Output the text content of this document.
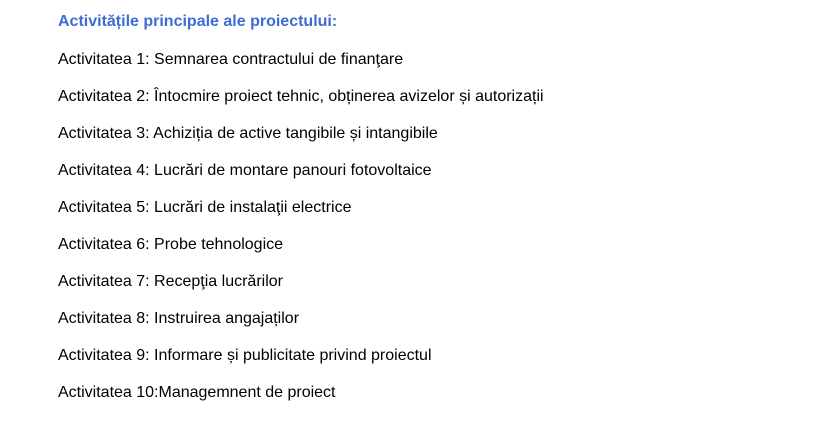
Activitățile principale ale proiectului:

Activitatea 1: Semnarea contractului de finanţare

Activitatea 2: Întocmire proiect tehnic, obținerea avizelor și autorizații

Activitatea 3: Achiziția de active tangibile și intangibile

Activitatea 4: Lucrări de montare panouri fotovoltaice

Activitatea 5: Lucrări de instalaţii electrice

Activitatea 6: Probe tehnologice

Activitatea 7: Recepţia lucrărilor

Activitatea 8: Instruirea angajaților

Activitatea 9: Informare și publicitate privind proiectul

Activitatea 10:Managemnent de proiect
